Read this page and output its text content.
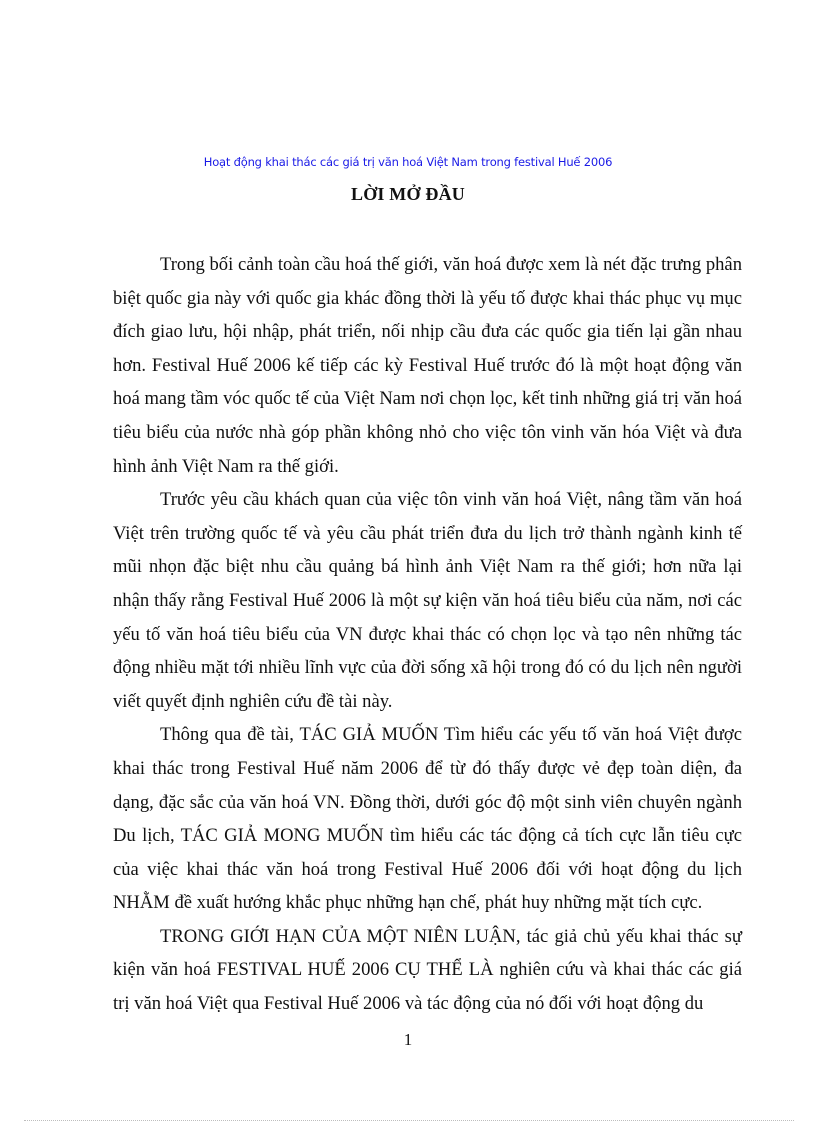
Hoạt động khai thác các giá trị văn hoá Việt Nam trong festival Huế 2006
LỜI MỞ ĐẦU

Trong bối cảnh toàn cầu hoá thế giới, văn hoá được xem là nét đặc trưng phân biệt quốc gia này với quốc gia khác đồng thời là yếu tố được khai thác phục vụ mục đích giao lưu, hội nhập, phát triển, nối nhịp cầu đưa các quốc gia tiến lại gần nhau hơn. Festival Huế 2006 kế tiếp các kỳ Festival Huế trước đó là một hoạt động văn hoá mang tầm vóc quốc tế của Việt Nam nơi chọn lọc, kết tinh những giá trị văn hoá tiêu biểu của nước nhà góp phần không nhỏ cho việc tôn vinh văn hóa Việt và đưa hình ảnh Việt Nam ra thế giới.

Trước yêu cầu khách quan của việc tôn vinh văn hoá Việt, nâng tầm văn hoá Việt trên trường quốc tế và yêu cầu phát triển đưa du lịch trở thành ngành kinh tế mũi nhọn đặc biệt nhu cầu quảng bá hình ảnh Việt Nam ra thế giới; hơn nữa lại nhận thấy rằng Festival Huế 2006 là một sự kiện văn hoá tiêu biểu của năm, nơi các yếu tố văn hoá tiêu biểu của VN được khai thác có chọn lọc và tạo nên những tác động nhiều mặt tới nhiều lĩnh vực của đời sống xã hội trong đó có du lịch nên người viết quyết định nghiên cứu đề tài này.

Thông qua đề tài, TÁC GIẢ MUỐN Tìm hiểu các yếu tố văn hoá Việt được khai thác trong Festival Huế năm 2006 để từ đó thấy được vẻ đẹp toàn diện, đa dạng, đặc sắc của văn hoá VN. Đồng thời, dưới góc độ một sinh viên chuyên ngành Du lịch, TÁC GIẢ MONG MUỐN tìm hiểu các tác động cả tích cực lẫn tiêu cực của việc khai thác văn hoá trong Festival Huế 2006 đối với hoạt động du lịch NHẰM đề xuất hướng khắc phục những hạn chế, phát huy những mặt tích cực.

TRONG GIỚI HẠN CỦA MỘT NIÊN LUẬN, tác giả chủ yếu khai thác sự kiện văn hoá FESTIVAL HUẾ 2006 CỤ THỂ LÀ nghiên cứu và khai thác các giá trị văn hoá Việt qua Festival Huế 2006 và tác động của nó đối với hoạt động du

1
